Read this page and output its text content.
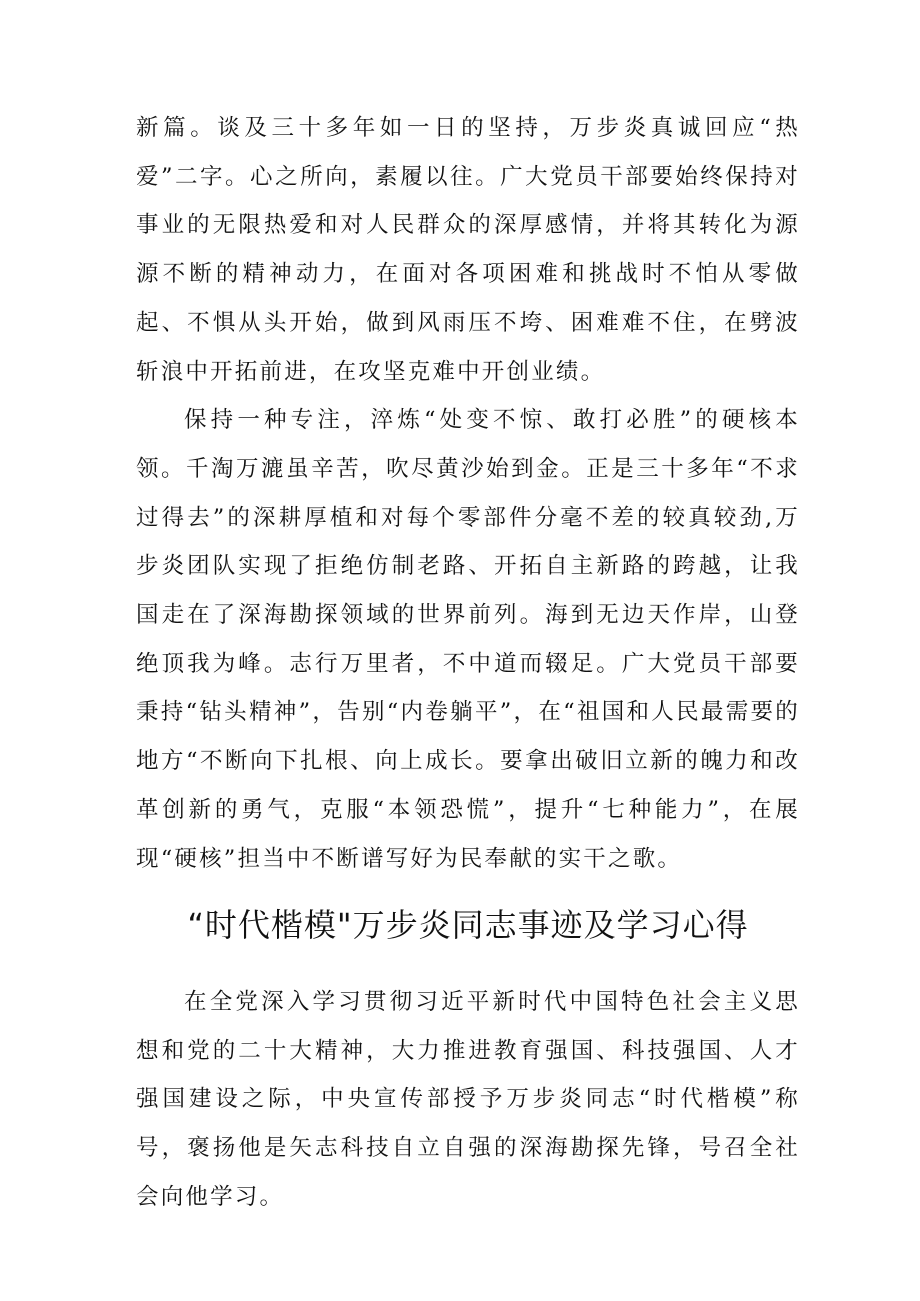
新篇。谈及三十多年如一日的坚持，万步炎真诚回应“热爱”二字。心之所向，素履以往。广大党员干部要始终保持对事业的无限热爱和对人民群众的深厚感情，并将其转化为源源不断的精神动力，在面对各项困难和挑战时不怕从零做起、不惧从头开始，做到风雨压不垮、困难难不住，在劈波斩浪中开拓前进，在攻坚克难中开创业绩。

保持一种专注，淬炼“处变不惊、敢打必胜”的硬核本领。千淘万漉虽辛苦，吹尽黄沙始到金。正是三十多年“不求过得去”的深耕厚植和对每个零部件分毫不差的较真较劲,万步炎团队实现了拒绝仿制老路、开拓自主新路的跨越，让我国走在了深海勘探领域的世界前列。海到无边天作岸，山登绝顶我为峰。志行万里者，不中道而辍足。广大党员干部要秉持“钻头精神”，告别“内卷躺平”，在“祖国和人民最需要的地方“不断向下扎根、向上成长。要拿出破旧立新的魄力和改革创新的勇气，克服“本领恐慌”，提升“七种能力”，在展现“硬核”担当中不断谱写好为民奉献的实干之歌。

“时代楷模"万步炎同志事迹及学习心得

在全党深入学习贯彻习近平新时代中国特色社会主义思想和党的二十大精神，大力推进教育强国、科技强国、人才强国建设之际，中央宣传部授予万步炎同志“时代楷模”称号，褒扬他是矢志科技自立自强的深海勘探先锋，号召全社会向他学习。
